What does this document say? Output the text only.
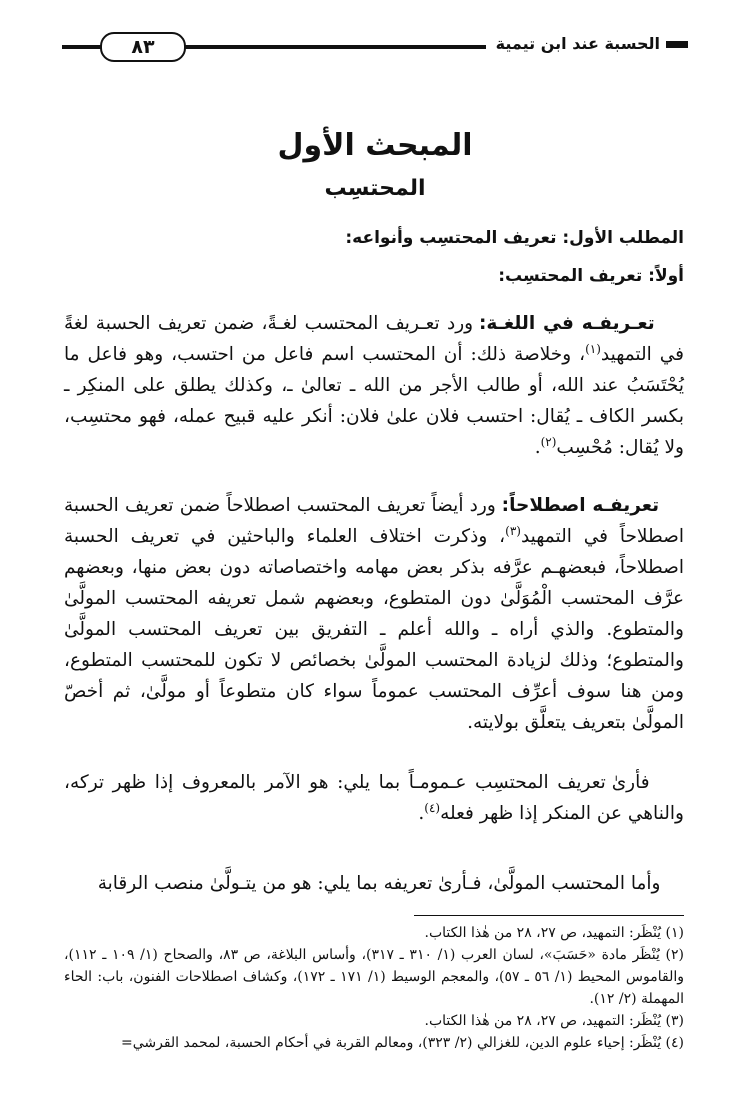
الحسبة عند ابن تيمية
٨٣
المبحث الأول
المحتسِب
المطلب الأول: تعريف المحتسِب وأنواعه:
أولاً: تعريف المحتسِب:
تعـريفـه في اللغـة: ورد تعـريف المحتسب لغـةً، ضمن تعريف الحسبة لغةً في التمهيد$^{(١)}$، وخلاصة ذلك: أن المحتسب اسم فاعل من احتسب، وهو فاعل ما يُحْتَسَبُ عند الله، أو طالب الأجر من الله ـ تعالىٰ ـ، وكذلك يطلق على المنكِر ـ بكسر الكاف ـ يُقال: احتسب فلان علىٰ فلان: أنكر عليه قبيح عمله، فهو محتسِب، ولا يُقال: مُحْسِب$^{(٢)}$.
تعريفـه اصطلاحاً: ورد أيضاً تعريف المحتسب اصطلاحاً ضمن تعريف الحسبة اصطلاحاً في التمهيد$^{(٣)}$، وذكرت اختلاف العلماء والباحثين في تعريف الحسبة اصطلاحاً، فبعضهـم عرَّفه بذكر بعض مهامه واختصاصاته دون بعض منها، وبعضهم عرَّف المحتسب الْمُوَلَّىٰ دون المتطوع، وبعضهم شمل تعريفه المحتسب المولَّىٰ والمتطوع. والذي أراه ـ والله أعلم ـ التفريق بين تعريف المحتسب المولَّىٰ والمتطوع؛ وذلك لزيادة المحتسب المولَّىٰ بخصائص لا تكون للمحتسب المتطوع، ومن هنا سوف أعرِّف المحتسب عموماً سواء كان متطوعاً أو مولَّىٰ، ثم أخصّ المولَّىٰ بتعريف يتعلَّق بولايته.
فأرىٰ تعريف المحتسِب عـمومـاً بما يلي: هو الآمر بالمعروف إذا ظهر تركه، والناهي عن المنكر إذا ظهر فعله$^{(٤)}$.
وأما المحتسب المولَّىٰ، فـأرىٰ تعريفه بما يلي: هو من يتـولَّىٰ منصب الرقابة

(١) يُنْظَر: التمهيد، ص ٢٧، ٢٨ من هٰذا الكتاب.

(٢) يُنْظَر مادة «حَسَبَ»، لسان العرب (١/ ٣١٠ ـ ٣١٧)، وأساس البلاغة، ص ٨٣، والصحاح (١/ ١٠٩ ـ ١١٢)، والقاموس المحيط (١/ ٥٦ ـ ٥٧)، والمعجم الوسيط (١/ ١٧١ ـ ١٧٢)، وكشاف اصطلاحات الفنون، باب: الحاء المهملة (٢/ ١٢).

(٣) يُنْظَر: التمهيد، ص ٢٧، ٢٨ من هٰذا الكتاب.

(٤) يُنْظَر: إحياء علوم الدين، للغزالي (٢/ ٣٢٣)، ومعالم القربة في أحكام الحسبة، لمحمد القرشي=
